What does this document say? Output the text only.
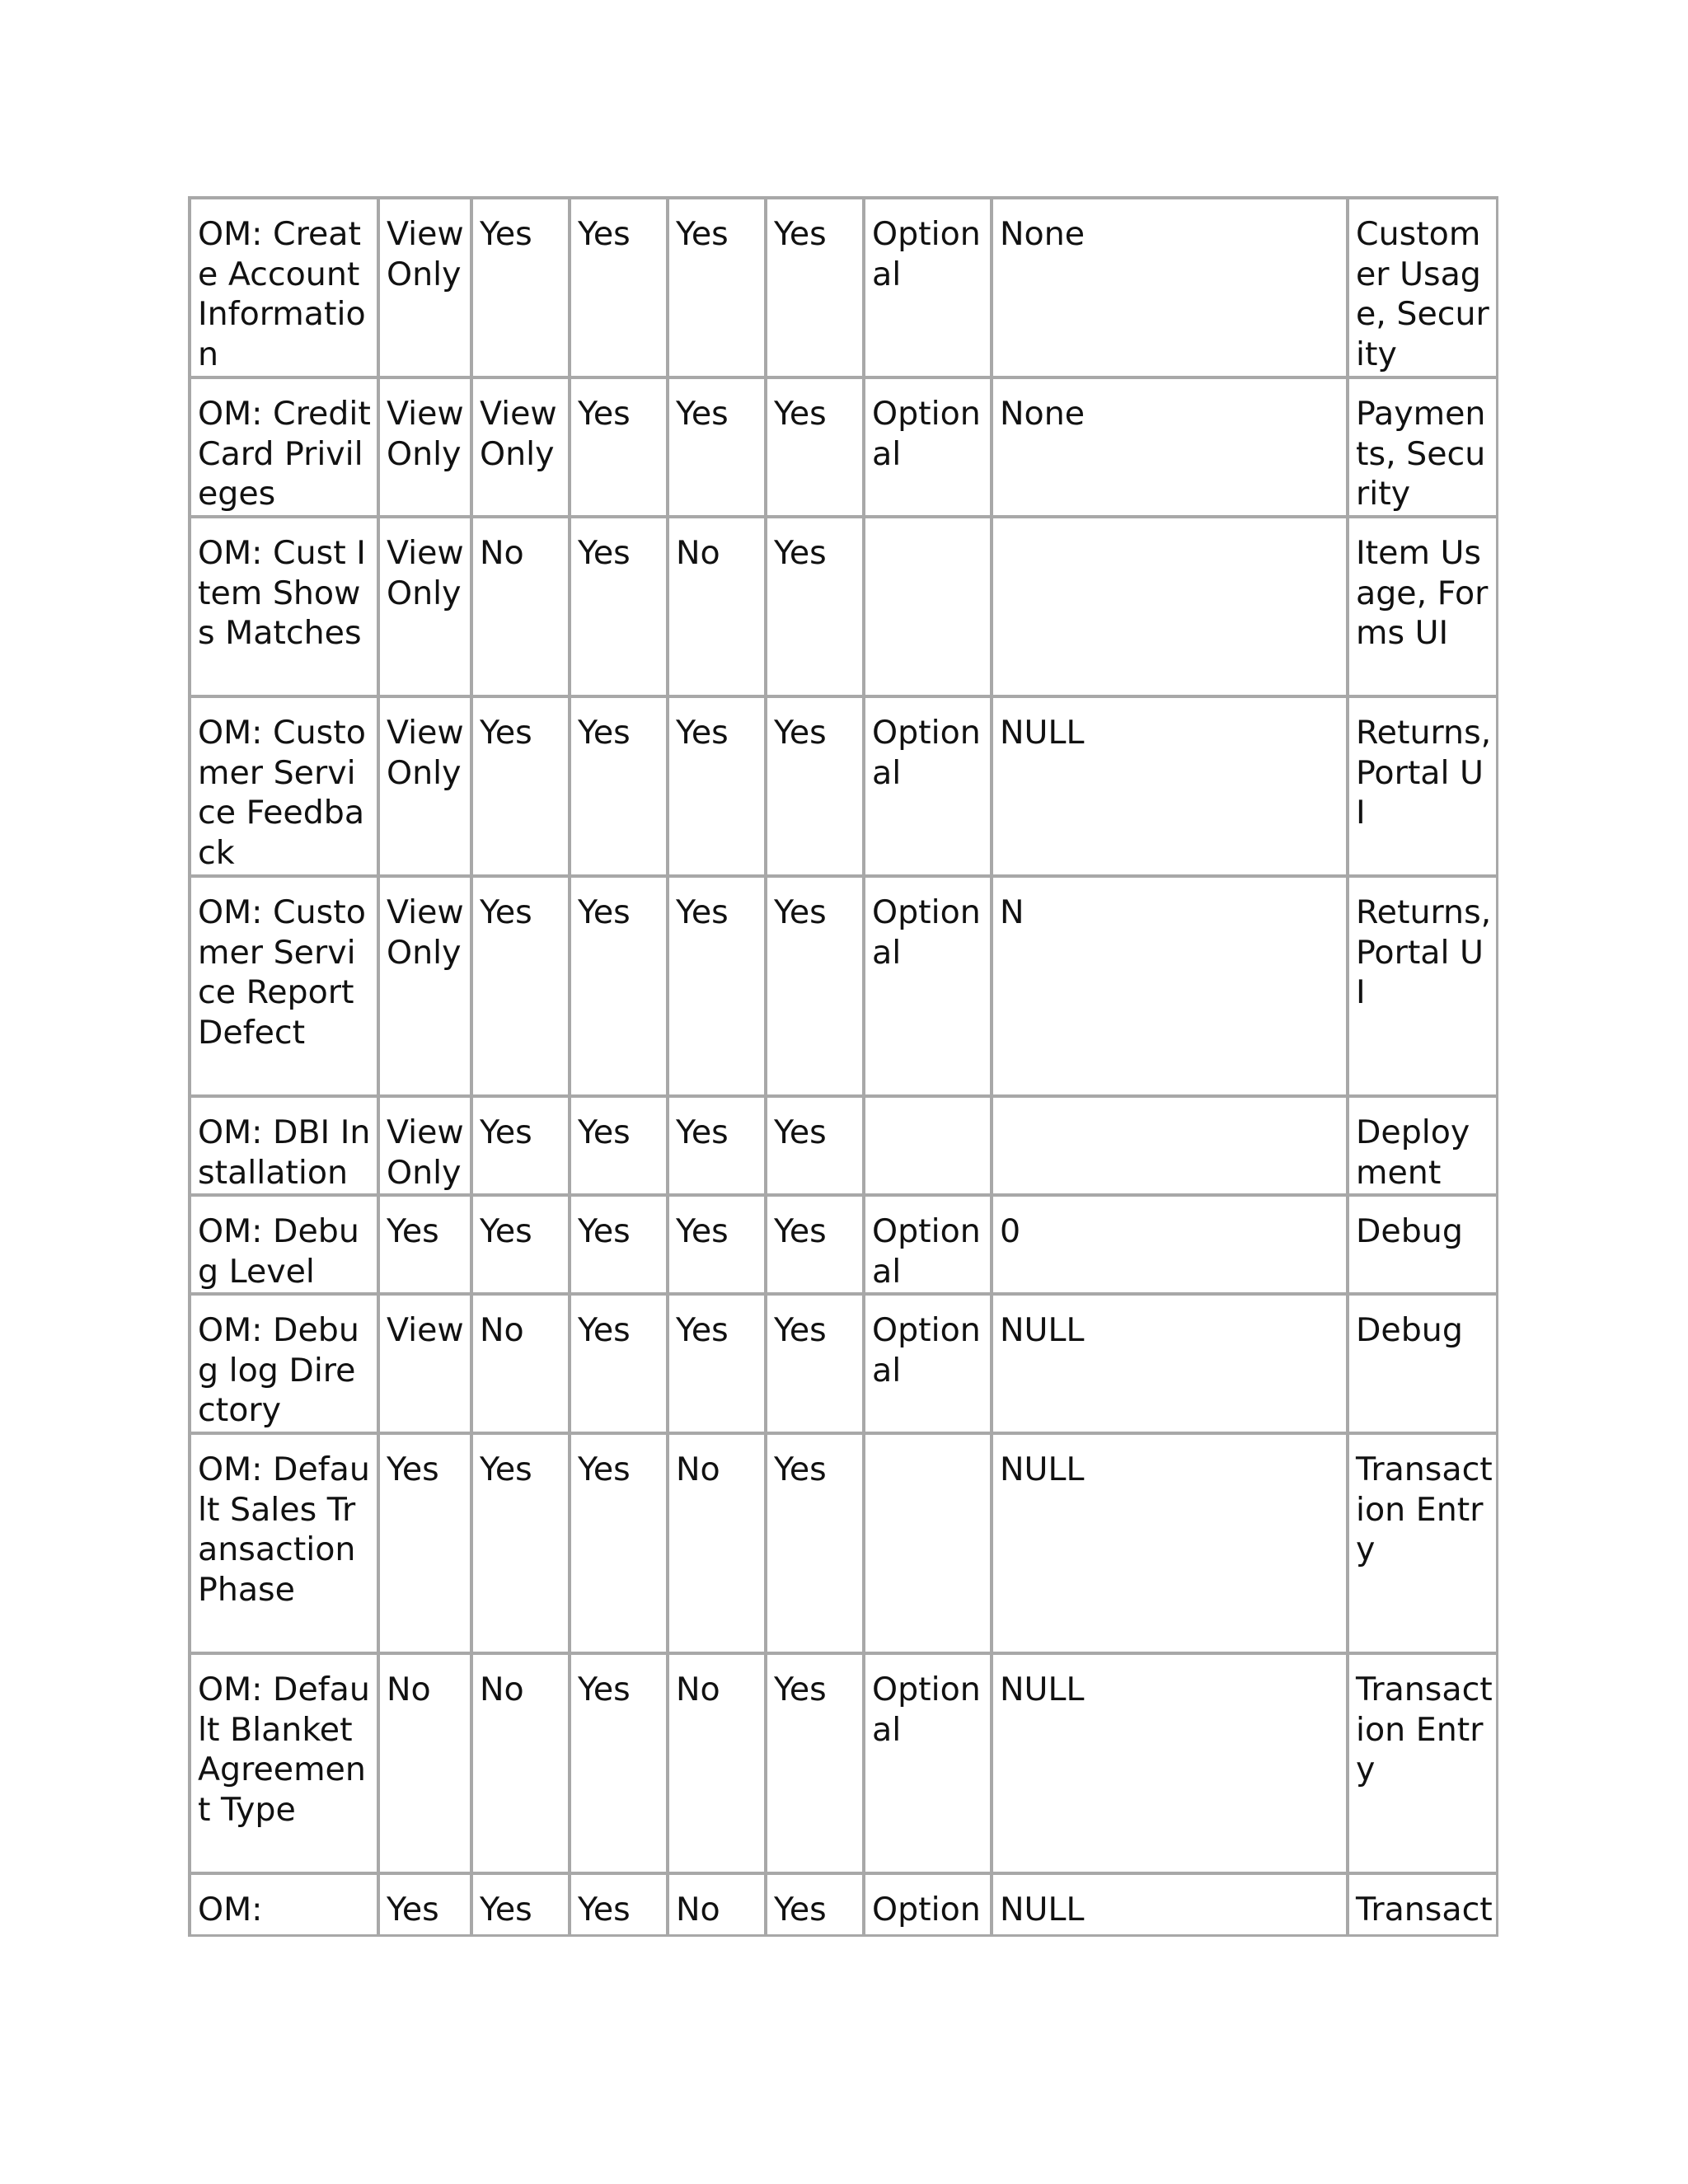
OM: Create Account Information	View Only	Yes	Yes	Yes	Yes	Optional	None	Customer Usage, Security
OM: Credit Card Privileges	View Only	View Only	Yes	Yes	Yes	Optional	None	Payments, Security
OM: Cust Item Shows Matches	View Only	No	Yes	No	Yes			Item Usage, Forms UI
OM: Customer Service Feedback	View Only	Yes	Yes	Yes	Yes	Optional	NULL	Returns, Portal UI
OM: Customer Service Report Defect	View Only	Yes	Yes	Yes	Yes	Optional	N	Returns, Portal UI
OM: DBI Installation	View Only	Yes	Yes	Yes	Yes			Deployment
OM: Debug Level	Yes	Yes	Yes	Yes	Yes	Optional	0	Debug
OM: Debug log Directory	View	No	Yes	Yes	Yes	Optional	NULL	Debug
OM: Default Sales Transaction Phase	Yes	Yes	Yes	No	Yes		NULL	Transaction Entry
OM: Default Blanket Agreement Type	No	No	Yes	No	Yes	Optional	NULL	Transaction Entry
OM:	Yes	Yes	Yes	No	Yes	Option	NULL	Transact
